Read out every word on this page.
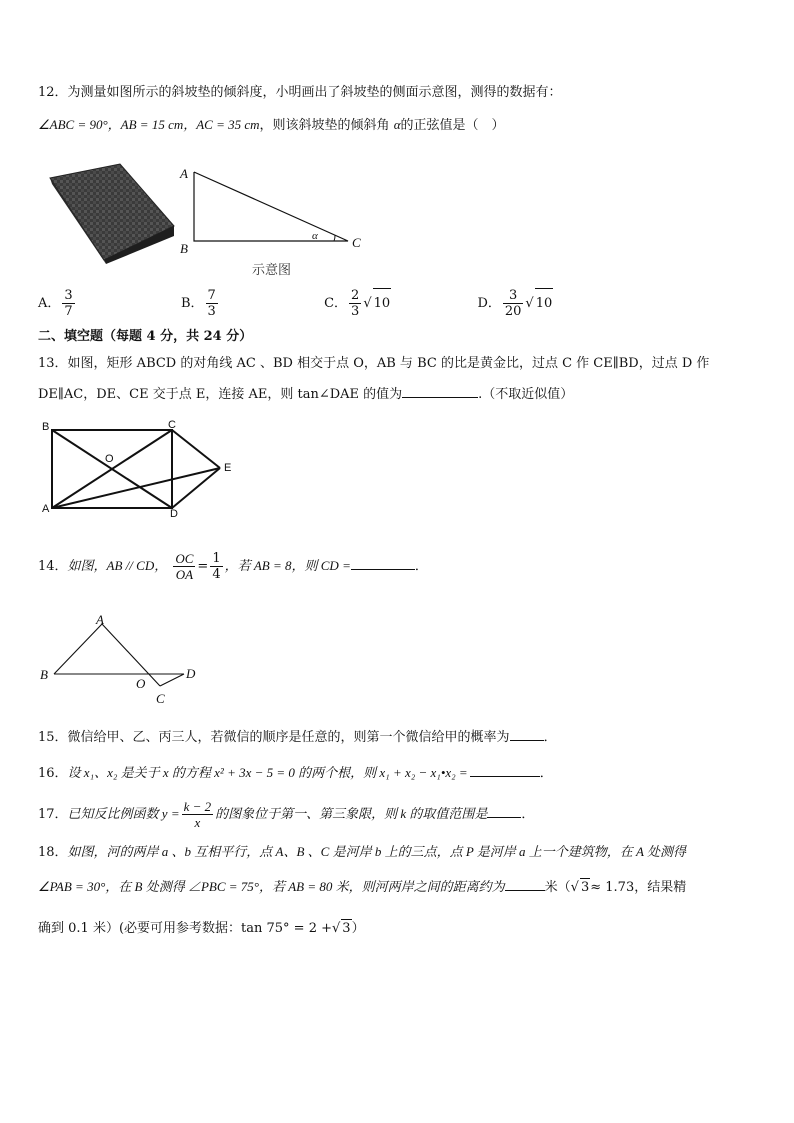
12．为测量如图所示的斜坡垫的倾斜度，小明画出了斜坡垫的侧面示意图，测得的数据有：
∠ABC = 90°，AB = 15 cm，AC = 35 cm，则该斜坡垫的倾斜角 α的正弦值是（　）
A
B	C
α
示意图
A． $\frac{3}{7}$	B． $\frac{7}{3}$	C． $\frac{2}{3}$ √ 10	D． $\frac{3}{20}$ √ 10
二、填空题（每题 4 分，共 24 分）
13．如图，矩形 ABCD 的对角线 AC 、BD 相交于点 O，AB 与 BC 的比是黄金比，过点 C 作 CE∥BD，过点 D 作
DE∥AC，DE、CE 交于点 E，连接 AE，则 tan∠DAE 的值为	.（不取近似值）
B	C
A	D
E
O
14．如图，AB // CD， $\frac{OC}{OA} = \frac{1}{4}$ ，若 AB = 8，则 CD =	．
A
B
O
D
C
15．微信给甲、乙、丙三人，若微信的顺序是任意的，则第一个微信给甲的概率为	．
16．设 x₁、x₂ 是关于 x 的方程 x² + 3x − 5 = 0 的两个根，则 x₁ + x₂ − x₁•x₂ =	．
17．已知反比例函数 $y = \frac{k - 2}{x}$ 的图象位于第一、第三象限，则 k 的取值范围是	．
18．如图，河的两岸 a 、b 互相平行，点 A、B 、C 是河岸 b 上的三点，点 P 是河岸 a 上一个建筑物，在 A 处测得
∠PAB = 30°，在 B 处测得 ∠PBC = 75°，若 AB = 80 米，则河两岸之间的距离约为	米（√ 3≈ 1.73，结果精
确到 0.1 米）(必要可用参考数据：tan 75° = 2 +√ 3）
